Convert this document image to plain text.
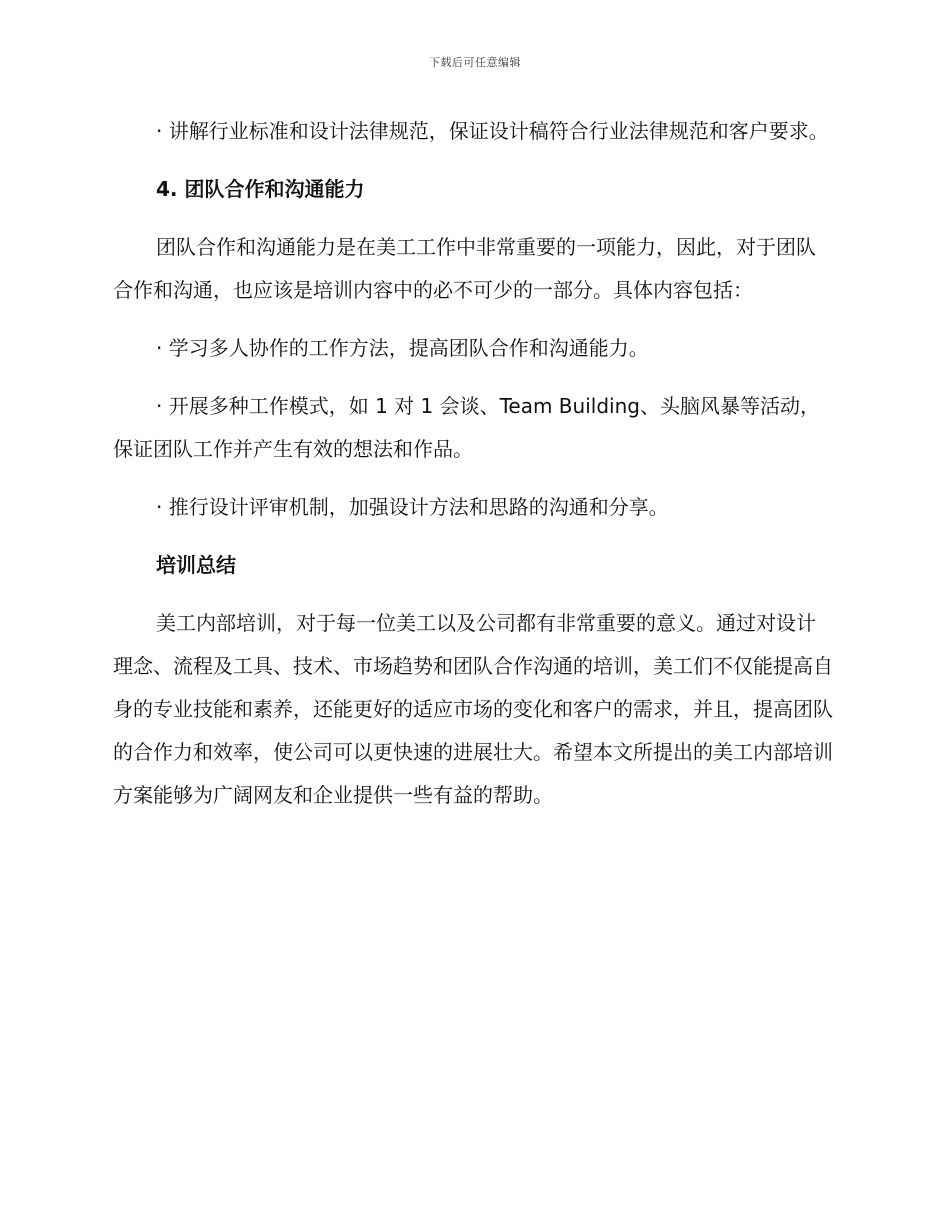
下载后可任意编辑

· 讲解行业标准和设计法律规范，保证设计稿符合行业法律规范和客户要求。

4. 团队合作和沟通能力

团队合作和沟通能力是在美工工作中非常重要的一项能力，因此，对于团队合作和沟通，也应该是培训内容中的必不可少的一部分。具体内容包括：

· 学习多人协作的工作方法，提高团队合作和沟通能力。

· 开展多种工作模式，如 1 对 1 会谈、Team Building、头脑风暴等活动，保证团队工作并产生有效的想法和作品。

· 推行设计评审机制，加强设计方法和思路的沟通和分享。

培训总结

美工内部培训，对于每一位美工以及公司都有非常重要的意义。通过对设计理念、流程及工具、技术、市场趋势和团队合作沟通的培训，美工们不仅能提高自身的专业技能和素养，还能更好的适应市场的变化和客户的需求，并且，提高团队的合作力和效率，使公司可以更快速的进展壮大。希望本文所提出的美工内部培训方案能够为广阔网友和企业提供一些有益的帮助。
